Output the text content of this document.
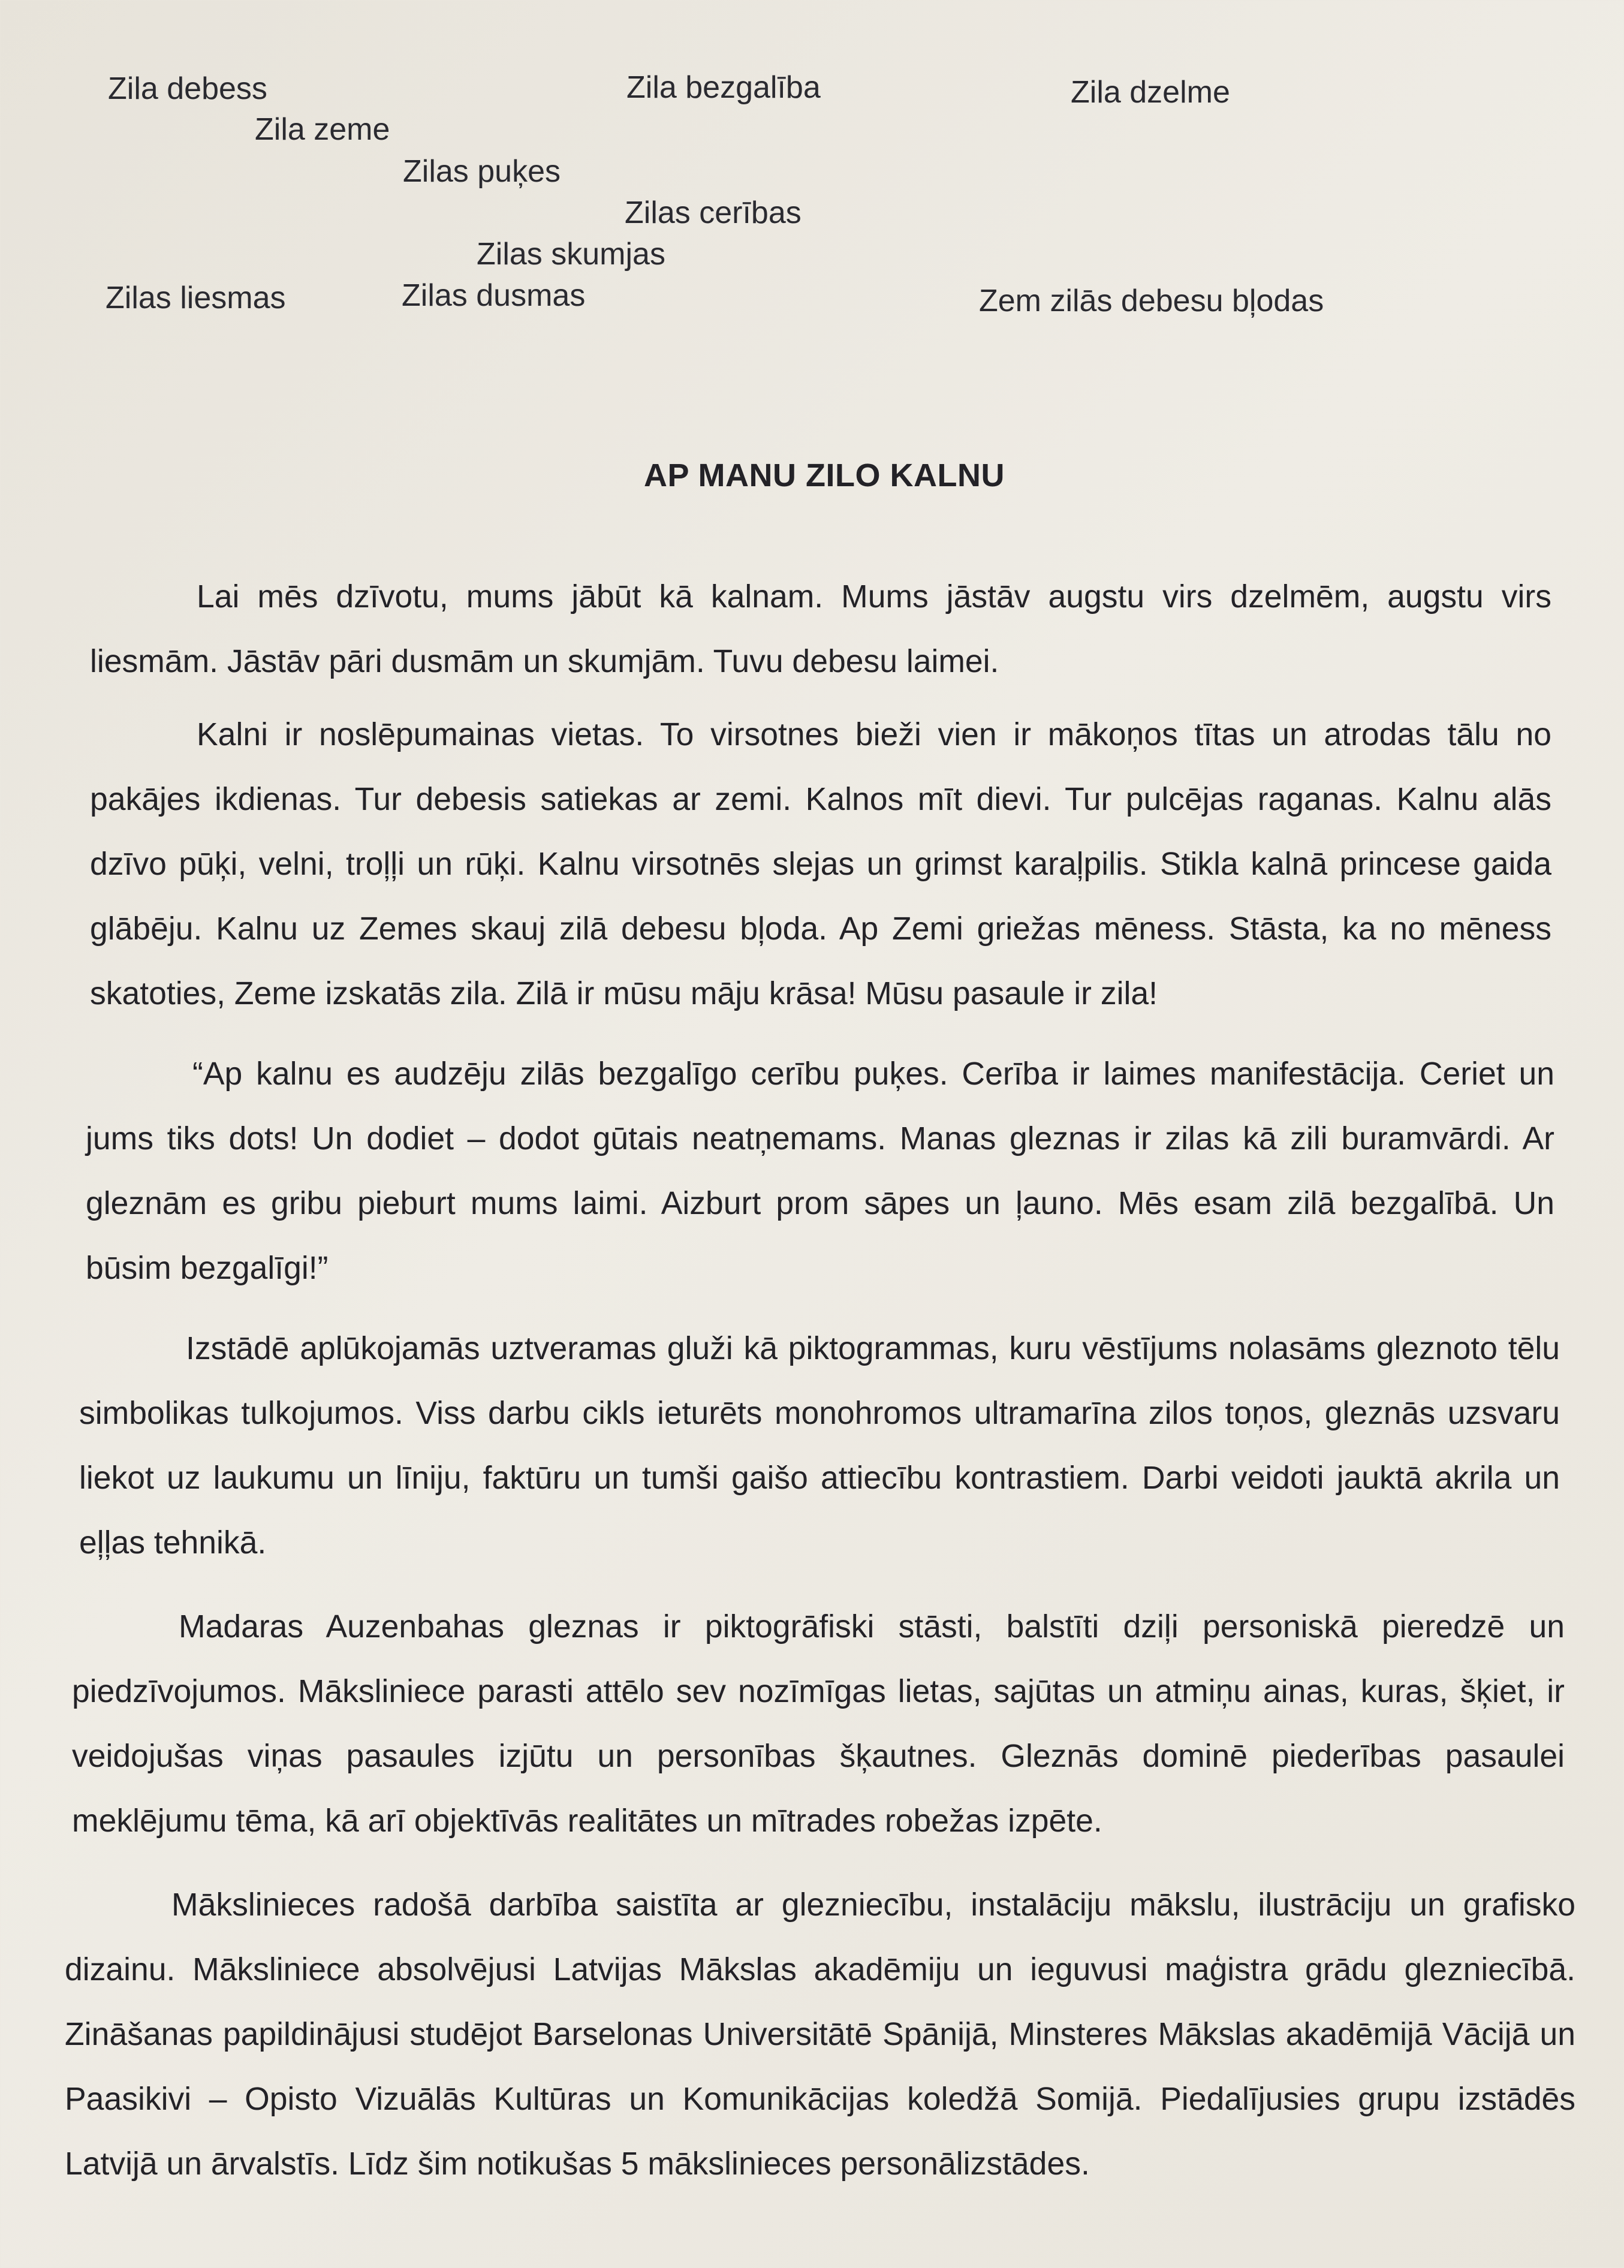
Zila debess	Zila bezgalība	Zila dzelme
Zila zeme
Zilas puķes
Zilas cerības
Zilas skumjas
Zilas liesmas	Zilas dusmas	Zem zilās debesu bļodas
AP MANU ZILO KALNU

Lai mēs dzīvotu, mums jābūt kā kalnam. Mums jāstāv augstu virs dzelmēm, augstu virs liesmām. Jāstāv pāri dusmām un skumjām. Tuvu debesu laimei.

Kalni ir noslēpumainas vietas. To virsotnes bieži vien ir mākoņos tītas un atrodas tālu no pakājes ikdienas. Tur debesis satiekas ar zemi. Kalnos mīt dievi. Tur pulcējas raganas. Kalnu alās dzīvo pūķi, velni, troļļi un rūķi. Kalnu virsotnēs slejas un grimst karaļpilis. Stikla kalnā princese gaida glābēju. Kalnu uz Zemes skauj zilā debesu bļoda. Ap Zemi griežas mēness. Stāsta, ka no mēness skatoties, Zeme izskatās zila. Zilā ir mūsu māju krāsa! Mūsu pasaule ir zila!

“Ap kalnu es audzēju zilās bezgalīgo cerību puķes. Cerība ir laimes manifestācija. Ceriet un jums tiks dots! Un dodiet – dodot gūtais neatņemams. Manas gleznas ir zilas kā zili buramvārdi. Ar gleznām es gribu pieburt mums laimi. Aizburt prom sāpes un ļauno. Mēs esam zilā bezgalībā. Un būsim bezgalīgi!”

Izstādē aplūkojamās uztveramas gluži kā piktogrammas, kuru vēstījums nolasāms gleznoto tēlu simbolikas tulkojumos. Viss darbu cikls ieturēts monohromos ultramarīna zilos toņos, gleznās uzsvaru liekot uz laukumu un līniju, faktūru un tumši gaišo attiecību kontrastiem. Darbi veidoti jauktā akrila un eļļas tehnikā.

Madaras Auzenbahas gleznas ir piktogrāfiski stāsti, balstīti dziļi personiskā pieredzē un piedzīvojumos. Māksliniece parasti attēlo sev nozīmīgas lietas, sajūtas un atmiņu ainas, kuras, šķiet, ir veidojušas viņas pasaules izjūtu un personības šķautnes. Gleznās dominē piederības pasaulei meklējumu tēma, kā arī objektīvās realitātes un mītrades robežas izpēte.

Mākslinieces radošā darbība saistīta ar glezniecību, instalāciju mākslu, ilustrāciju un grafisko dizainu. Māksliniece absolvējusi Latvijas Mākslas akadēmiju un ieguvusi maģistra grādu glezniecībā. Zināšanas papildinājusi studējot Barselonas Universitātē Spānijā, Minsteres Mākslas akadēmijā Vācijā un Paasikivi – Opisto Vizuālās Kultūras un Komunikācijas koledžā Somijā. Piedalījusies grupu izstādēs Latvijā un ārvalstīs. Līdz šim notikušas 5 mākslinieces personālizstādes.
